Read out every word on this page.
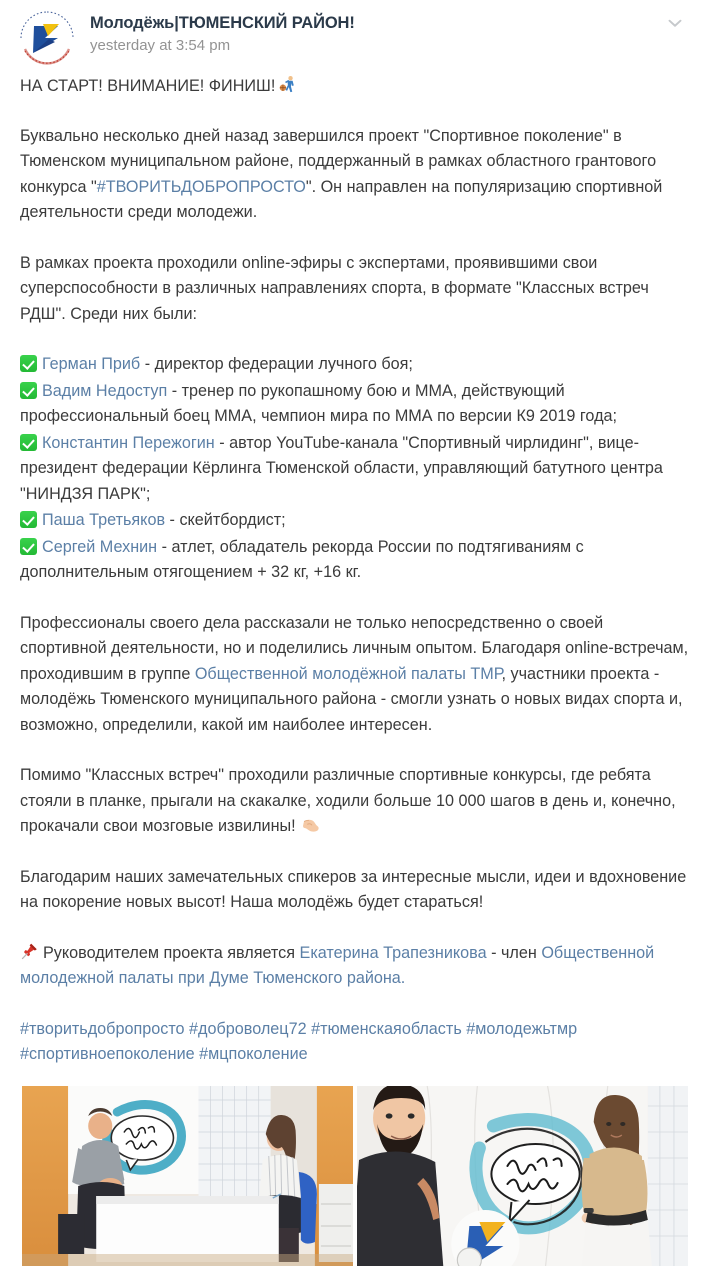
Молодёжь|ТЮМЕНСКИЙ РАЙОН!
yesterday at 3:54 pm
НА СТАРТ! ВНИМАНИЕ! ФИНИШ!

Буквально несколько дней назад завершился проект "Спортивное поколение" в Тюменском муниципальном районе, поддержанный в рамках областного грантового конкурса "#ТВОРИТЬДОБРОПРОСТО". Он направлен на популяризацию спортивной деятельности среди молодежи.

В рамках проекта проходили online-эфиры с экспертами, проявившими свои суперспособности в различных направлениях спорта, в формате "Классных встреч РДШ". Среди них были:

Герман Приб - директор федерации лучного боя;
Вадим Недоступ - тренер по рукопашному бою и ММА, действующий профессиональный боец ММА, чемпион мира по ММА по версии К9 2019 года;
Константин Пережогин - автор YouTube-канала "Спортивный чирлидинг", вице-президент федерации Кёрлинга Тюменской области, управляющий батутного центра "НИНДЗЯ ПАРК";
Паша Третьяков - скейтбордист;
Сергей Мехнин - атлет, обладатель рекорда России по подтягиваниям с дополнительным отягощением + 32 кг, +16 кг.

Профессионалы своего дела рассказали не только непосредственно о своей спортивной деятельности, но и поделились личным опытом. Благодаря online-встречам, проходившим в группе Общественной молодёжной палаты ТМР, участники проекта - молодёжь Тюменского муниципального района - смогли узнать о новых видах спорта и, возможно, определили, какой им наиболее интересен.

Помимо "Классных встреч" проходили различные спортивные конкурсы, где ребята стояли в планке, прыгали на скакалке, ходили больше 10 000 шагов в день и, конечно, прокачали свои мозговые извилины!

Благодарим наших замечательных спикеров за интересные мысли, идеи и вдохновение на покорение новых высот! Наша молодёжь будет стараться!

Руководителем проекта является Екатерина Трапезникова - член Общественной молодежной палаты при Думе Тюменского района.

#творитьдобропросто #доброволец72 #тюменскаяобласть #молодежьтмр #спортивноепоколение #мцпоколение
